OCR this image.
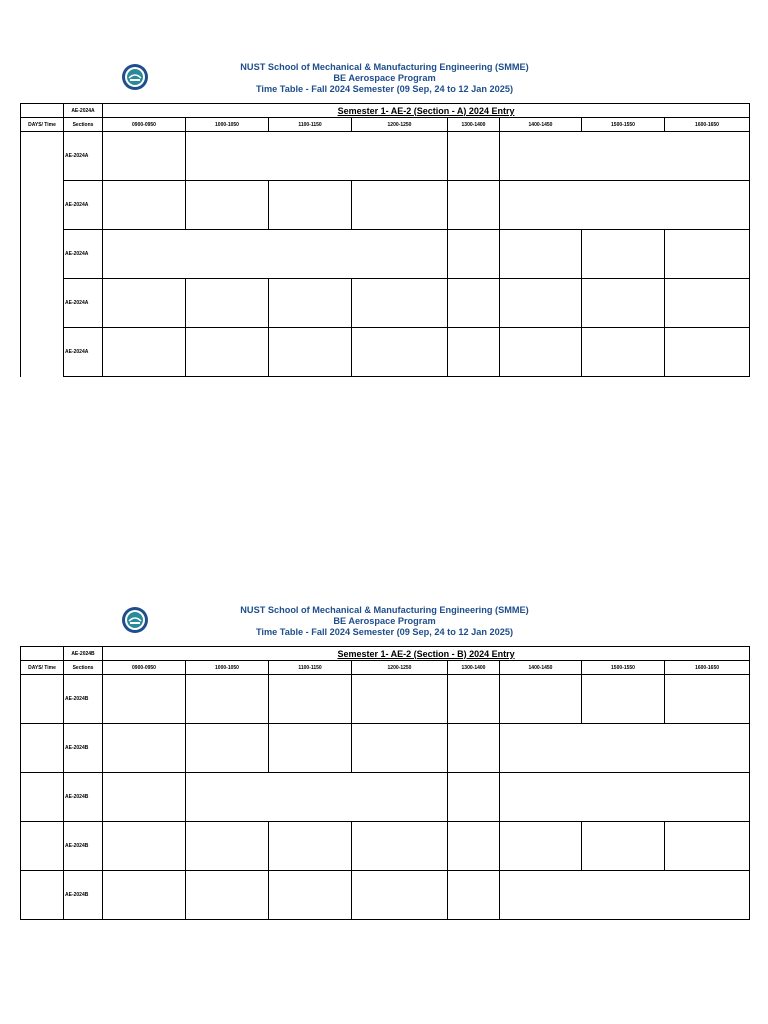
NUST School of Mechanical & Manufacturing Engineering (SMME)
BE Aerospace Program
Time Table - Fall 2024 Semester (09 Sep, 24 to 12 Jan 2025)
	AE-2024A	Semester 1- AE-2 (Section - A) 2024 Entry							
DAYS/ Time	Sections	0900-0950	1000-1050	1100-1150	1200-1250	1300-1400	1400-1450	1500-1550	1600-1650
	AE-2024A								
	AE-2024A								
	AE-2024A								
	AE-2024A								
	AE-2024A								
NUST School of Mechanical & Manufacturing Engineering (SMME)
BE Aerospace Program
Time Table - Fall 2024 Semester (09 Sep, 24 to 12 Jan 2025)
	AE-2024B	Semester 1- AE-2 (Section - B) 2024 Entry							
DAYS/ Time	Sections	0900-0950	1000-1050	1100-1150	1200-1250	1300-1400	1400-1450	1500-1550	1600-1650
	AE-2024B								
	AE-2024B								
	AE-2024B								
	AE-2024B								
	AE-2024B								
